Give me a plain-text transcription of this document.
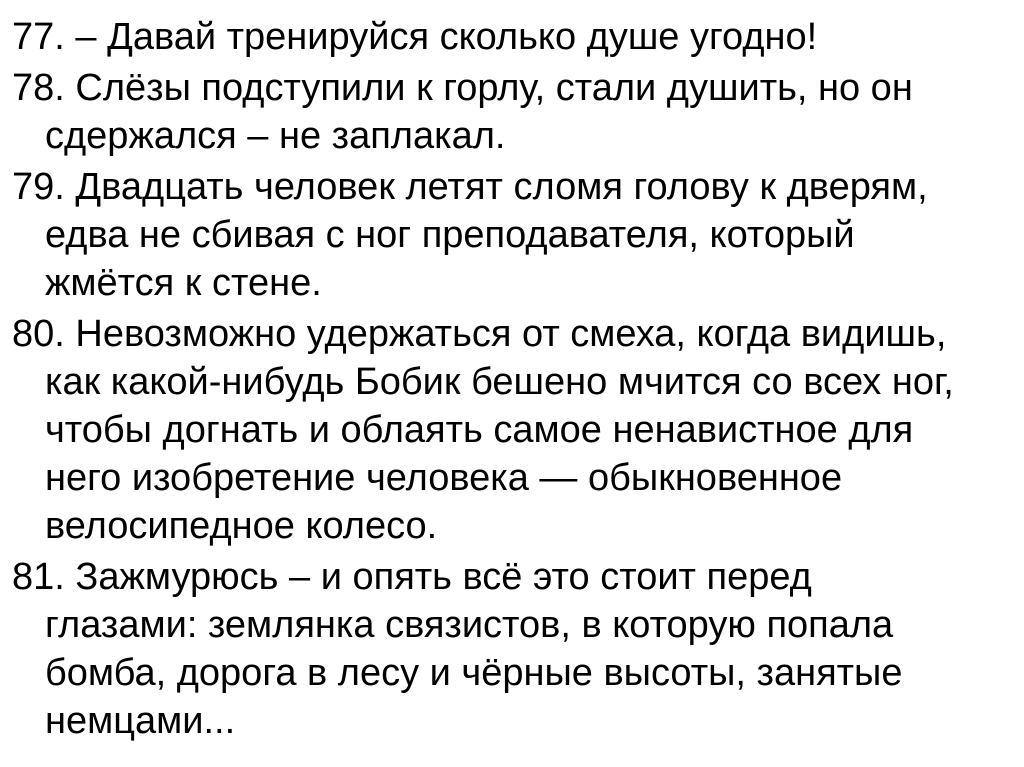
77. – Давай тренируйся сколько душе угодно!
78. Слёзы подступили к горлу, стали душить, но он
сдержался – не заплакал.
79. Двадцать человек летят сломя голову к дверям,
едва не сбивая с ног преподавателя, который
жмётся к стене.
80. Невозможно удержаться от смеха, когда видишь,
как какой-нибудь Бобик бешено мчится со всех ног,
чтобы догнать и облаять самое ненавистное для
него изобретение человека — обыкновенное
велосипедное колесо.
81. Зажмурюсь – и опять всё это стоит перед
глазами: землянка связистов, в которую попала
бомба, дорога в лесу и чёрные высоты, занятые
немцами...
